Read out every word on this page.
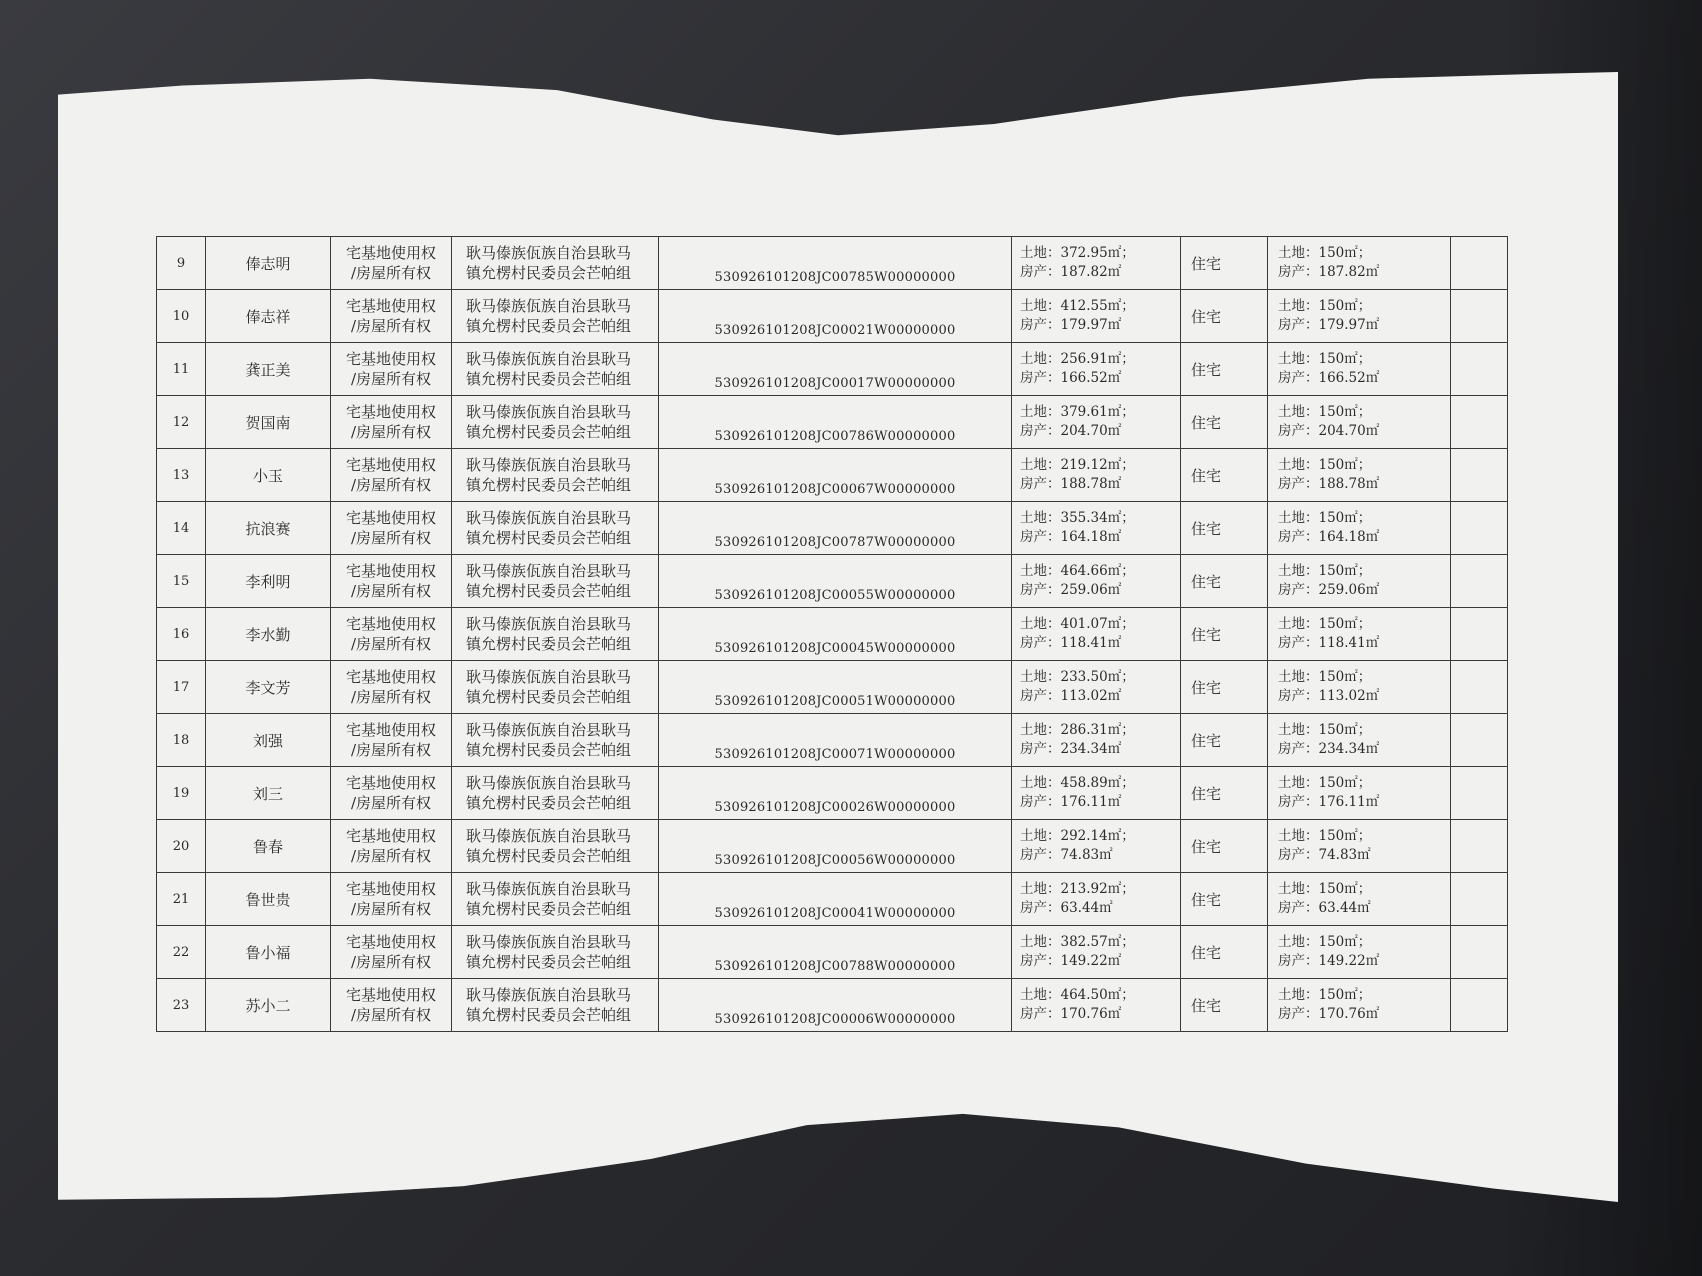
9	俸志明	宅基地使用权
/房屋所有权	耿马傣族佤族自治县耿马
镇允楞村民委员会芒帕组	530926101208JC00785W00000000	土地：372.95㎡；
房产：187.82㎡	住宅	土地：150㎡；
房产：187.82㎡	

10	俸志祥	宅基地使用权
/房屋所有权	耿马傣族佤族自治县耿马
镇允楞村民委员会芒帕组	530926101208JC00021W00000000	土地：412.55㎡；
房产：179.97㎡	住宅	土地：150㎡；
房产：179.97㎡	

11	龚正美	宅基地使用权
/房屋所有权	耿马傣族佤族自治县耿马
镇允楞村民委员会芒帕组	530926101208JC00017W00000000	土地：256.91㎡；
房产：166.52㎡	住宅	土地：150㎡；
房产：166.52㎡	

12	贺国南	宅基地使用权
/房屋所有权	耿马傣族佤族自治县耿马
镇允楞村民委员会芒帕组	530926101208JC00786W00000000	土地：379.61㎡；
房产：204.70㎡	住宅	土地：150㎡；
房产：204.70㎡	

13	小玉	宅基地使用权
/房屋所有权	耿马傣族佤族自治县耿马
镇允楞村民委员会芒帕组	530926101208JC00067W00000000	土地：219.12㎡；
房产：188.78㎡	住宅	土地：150㎡；
房产：188.78㎡	

14	抗浪赛	宅基地使用权
/房屋所有权	耿马傣族佤族自治县耿马
镇允楞村民委员会芒帕组	530926101208JC00787W00000000	土地：355.34㎡；
房产：164.18㎡	住宅	土地：150㎡；
房产：164.18㎡	

15	李利明	宅基地使用权
/房屋所有权	耿马傣族佤族自治县耿马
镇允楞村民委员会芒帕组	530926101208JC00055W00000000	土地：464.66㎡；
房产：259.06㎡	住宅	土地：150㎡；
房产：259.06㎡	

16	李水勤	宅基地使用权
/房屋所有权	耿马傣族佤族自治县耿马
镇允楞村民委员会芒帕组	530926101208JC00045W00000000	土地：401.07㎡；
房产：118.41㎡	住宅	土地：150㎡；
房产：118.41㎡	

17	李文芳	宅基地使用权
/房屋所有权	耿马傣族佤族自治县耿马
镇允楞村民委员会芒帕组	530926101208JC00051W00000000	土地：233.50㎡；
房产：113.02㎡	住宅	土地：150㎡；
房产：113.02㎡	

18	刘强	宅基地使用权
/房屋所有权	耿马傣族佤族自治县耿马
镇允楞村民委员会芒帕组	530926101208JC00071W00000000	土地：286.31㎡；
房产：234.34㎡	住宅	土地：150㎡；
房产：234.34㎡	

19	刘三	宅基地使用权
/房屋所有权	耿马傣族佤族自治县耿马
镇允楞村民委员会芒帕组	530926101208JC00026W00000000	土地：458.89㎡；
房产：176.11㎡	住宅	土地：150㎡；
房产：176.11㎡	

20	鲁春	宅基地使用权
/房屋所有权	耿马傣族佤族自治县耿马
镇允楞村民委员会芒帕组	530926101208JC00056W00000000	土地：292.14㎡；
房产：74.83㎡	住宅	土地：150㎡；
房产：74.83㎡	

21	鲁世贵	宅基地使用权
/房屋所有权	耿马傣族佤族自治县耿马
镇允楞村民委员会芒帕组	530926101208JC00041W00000000	土地：213.92㎡；
房产：63.44㎡	住宅	土地：150㎡；
房产：63.44㎡	

22	鲁小福	宅基地使用权
/房屋所有权	耿马傣族佤族自治县耿马
镇允楞村民委员会芒帕组	530926101208JC00788W00000000	土地：382.57㎡；
房产：149.22㎡	住宅	土地：150㎡；
房产：149.22㎡	

23	苏小二	宅基地使用权
/房屋所有权	耿马傣族佤族自治县耿马
镇允楞村民委员会芒帕组	530926101208JC00006W00000000	土地：464.50㎡；
房产：170.76㎡	住宅	土地：150㎡；
房产：170.76㎡	
